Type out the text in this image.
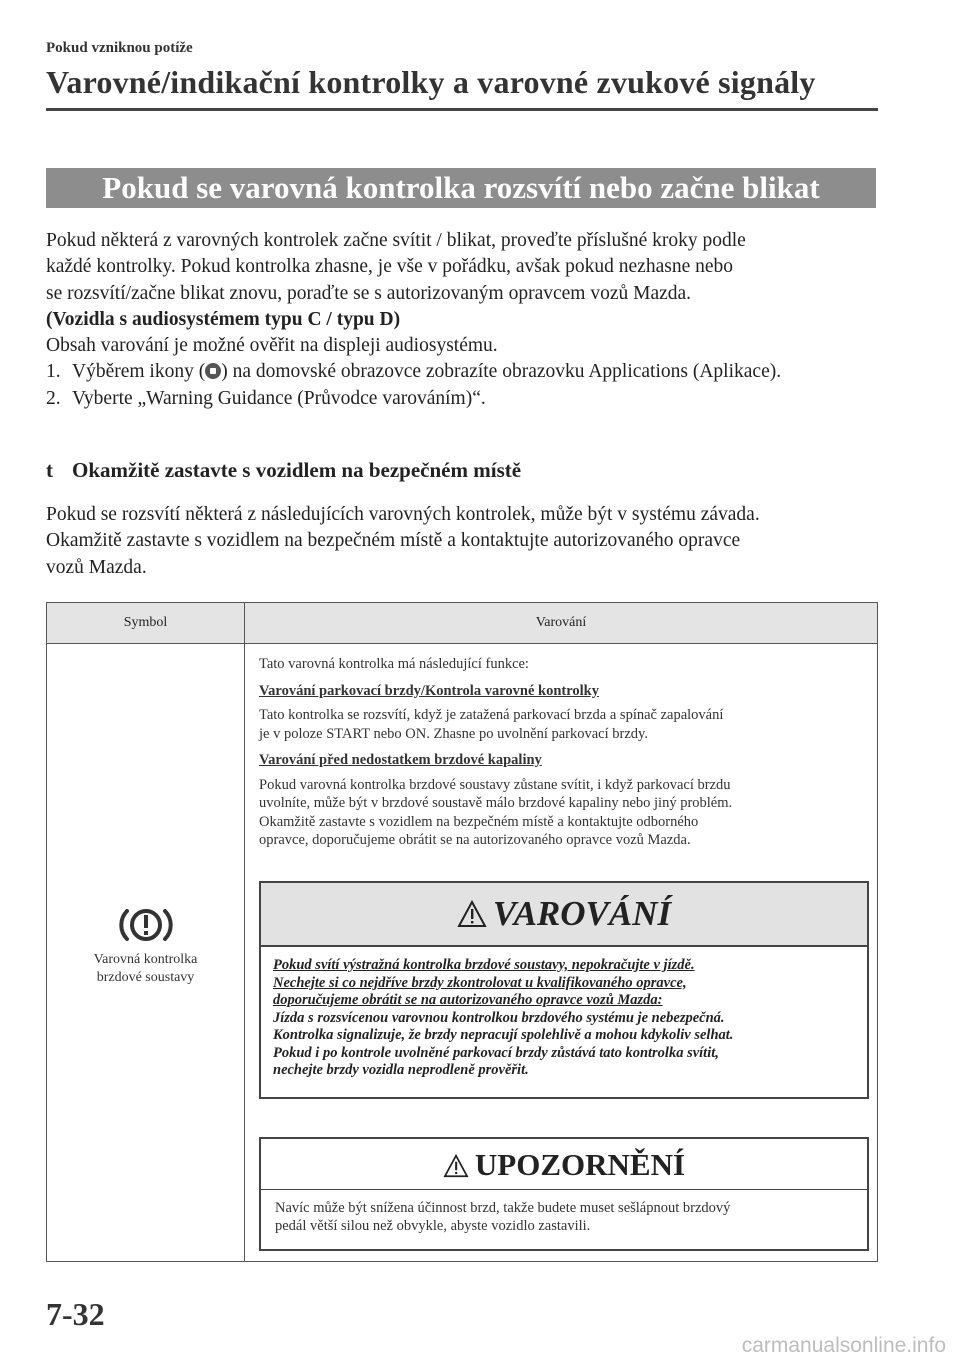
Pokud vzniknou potíže
Varovné/indikační kontrolky a varovné zvukové signály
Pokud se varovná kontrolka rozsvítí nebo začne blikat

Pokud některá z varovných kontrolek začne svítit / blikat, proveďte příslušné kroky podle

každé kontrolky. Pokud kontrolka zhasne, je vše v pořádku, avšak pokud nezhasne nebo

se rozsvítí/začne blikat znovu, poraďte se s autorizovaným opravcem vozů Mazda.

(Vozidla s audiosystémem typu C / typu D)

Obsah varování je možné ověřit na displeji audiosystému.

1. Výběrem ikony ( ) na domovské obrazovce zobrazíte obrazovku Applications (Aplikace).

2. Vyberte „Warning Guidance (Průvodce varováním)“.

t Okamžitě zastavte s vozidlem na bezpečném místě

Pokud se rozsvítí některá z následujících varovných kontrolek, může být v systému závada.
Okamžitě zastavte s vozidlem na bezpečném místě a kontaktujte autorizovaného opravce
vozů Mazda.

Symbol	Varování
Varovná kontrolka
brzdové soustavy

Tato varovná kontrolka má následující funkce:

Varování parkovací brzdy/Kontrola varovné kontrolky

Tato kontrolka se rozsvítí, když je zatažená parkovací brzda a spínač zapalování
je v poloze START nebo ON. Zhasne po uvolnění parkovací brzdy.

Varování před nedostatkem brzdové kapaliny

Pokud varovná kontrolka brzdové soustavy zůstane svítit, i když parkovací brzdu
uvolníte, může být v brzdové soustavě málo brzdové kapaliny nebo jiný problém.
Okamžitě zastavte s vozidlem na bezpečném místě a kontaktujte odborného
opravce, doporučujeme obrátit se na autorizovaného opravce vozů Mazda.

VAROVÁNÍ
Pokud svítí výstražná kontrolka brzdové soustavy, nepokračujte v jízdě.
Nechejte si co nejdříve brzdy zkontrolovat u kvalifikovaného opravce,
doporučujeme obrátit se na autorizovaného opravce vozů Mazda:
Jízda s rozsvícenou varovnou kontrolkou brzdového systému je nebezpečná.
Kontrolka signalizuje, že brzdy nepracují spolehlivě a mohou kdykoliv selhat.
Pokud i po kontrole uvolněné parkovací brzdy zůstává tato kontrolka svítit,
nechejte brzdy vozidla neprodleně prověřit.
UPOZORNĚNÍ
Navíc může být snížena účinnost brzd, takže budete muset sešlápnout brzdový
pedál větší silou než obvykle, abyste vozidlo zastavili.
7-32
carmanualsonline.info
